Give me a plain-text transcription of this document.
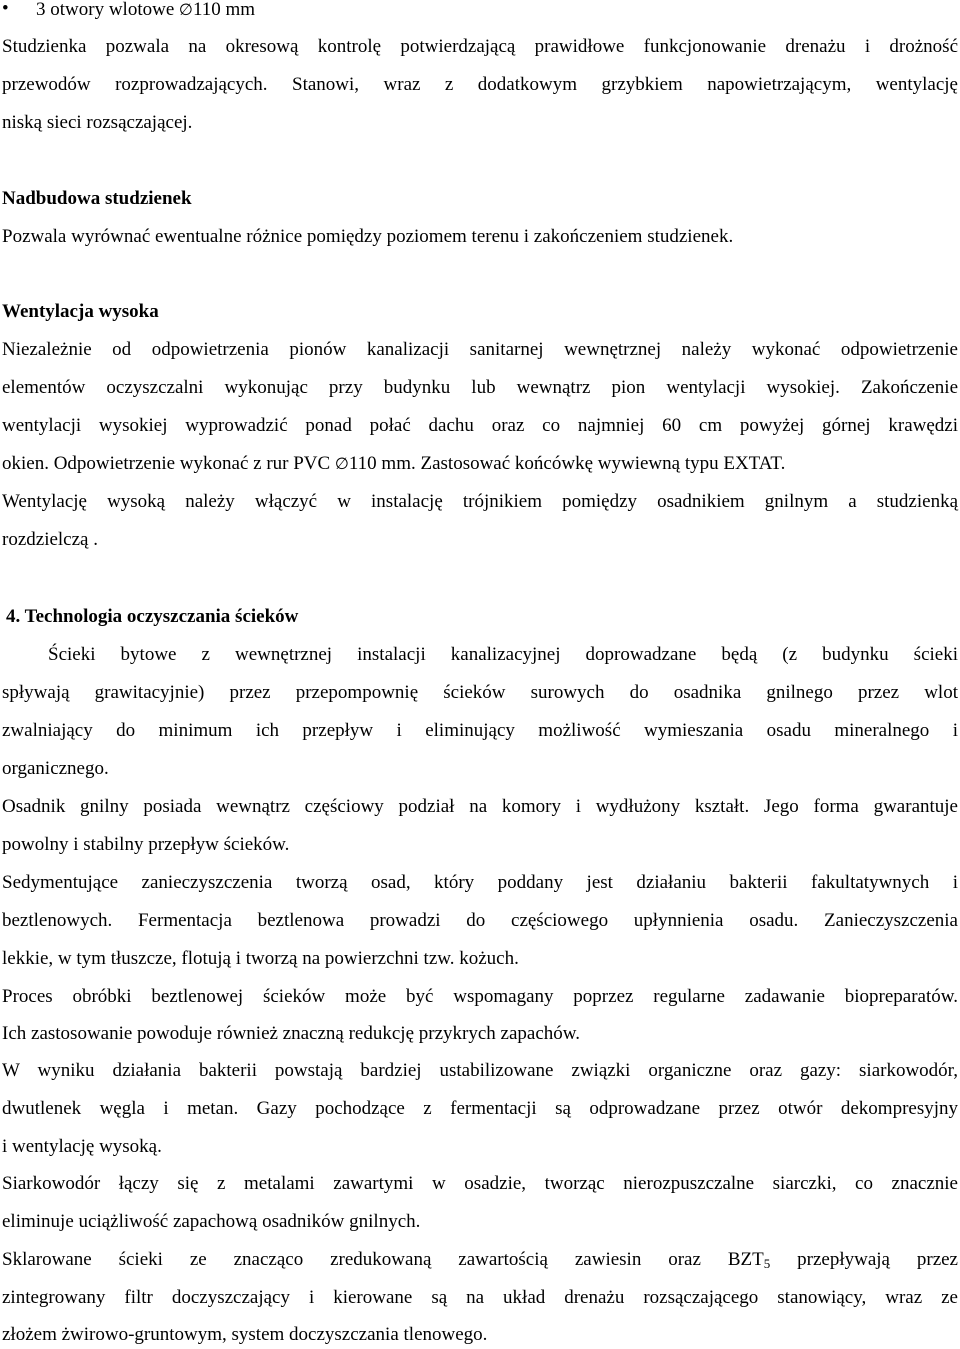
• 3 otwory wlotowe ∅110 mm
Studzienka pozwala na okresową kontrolę potwierdzającą prawidłowe funkcjonowanie drenażu i drożność
przewodów rozprowadzających. Stanowi, wraz z dodatkowym grzybkiem napowietrzającym, wentylację
niską sieci rozsączającej.
Nadbudowa studzienek
Pozwala wyrównać ewentualne różnice pomiędzy poziomem terenu i zakończeniem studzienek.
Wentylacja wysoka
Niezależnie od odpowietrzenia pionów kanalizacji sanitarnej wewnętrznej należy wykonać odpowietrzenie
elementów oczyszczalni wykonując przy budynku lub wewnątrz pion wentylacji wysokiej. Zakończenie
wentylacji wysokiej wyprowadzić ponad połać dachu oraz co najmniej 60 cm powyżej górnej krawędzi
okien. Odpowietrzenie wykonać z rur PVC ∅110 mm. Zastosować końcówkę wywiewną typu EXTAT.
Wentylację wysoką należy włączyć w instalację trójnikiem pomiędzy osadnikiem gnilnym a studzienką
rozdzielczą .
4. Technologia oczyszczania ścieków
Ścieki bytowe z wewnętrznej instalacji kanalizacyjnej doprowadzane będą (z budynku ścieki
spływają grawitacyjnie) przez przepompownię ścieków surowych do osadnika gnilnego przez wlot
zwalniający do minimum ich przepływ i eliminujący możliwość wymieszania osadu mineralnego i
organicznego.
Osadnik gnilny posiada wewnątrz częściowy podział na komory i wydłużony kształt. Jego forma gwarantuje
powolny i stabilny przepływ ścieków.
Sedymentujące zanieczyszczenia tworzą osad, który poddany jest działaniu bakterii fakultatywnych i
beztlenowych. Fermentacja beztlenowa prowadzi do częściowego upłynnienia osadu. Zanieczyszczenia
lekkie, w tym tłuszcze, flotują i tworzą na powierzchni tzw. kożuch.
Proces obróbki beztlenowej ścieków może być wspomagany poprzez regularne zadawanie biopreparatów.
Ich zastosowanie powoduje również znaczną redukcję przykrych zapachów.
W wyniku działania bakterii powstają bardziej ustabilizowane związki organiczne oraz gazy: siarkowodór,
dwutlenek węgla i metan. Gazy pochodzące z fermentacji są odprowadzane przez otwór dekompresyjny
i wentylację wysoką.
Siarkowodór łączy się z metalami zawartymi w osadzie, tworząc nierozpuszczalne siarczki, co znacznie
eliminuje uciążliwość zapachową osadników gnilnych.
Sklarowane ścieki ze znacząco zredukowaną zawartością zawiesin oraz $BZT_5$ przepływają przez
zintegrowany filtr doczyszczający i kierowane są na układ drenażu rozsączającego stanowiący, wraz ze
złożem żwirowo-gruntowym, system doczyszczania tlenowego.
